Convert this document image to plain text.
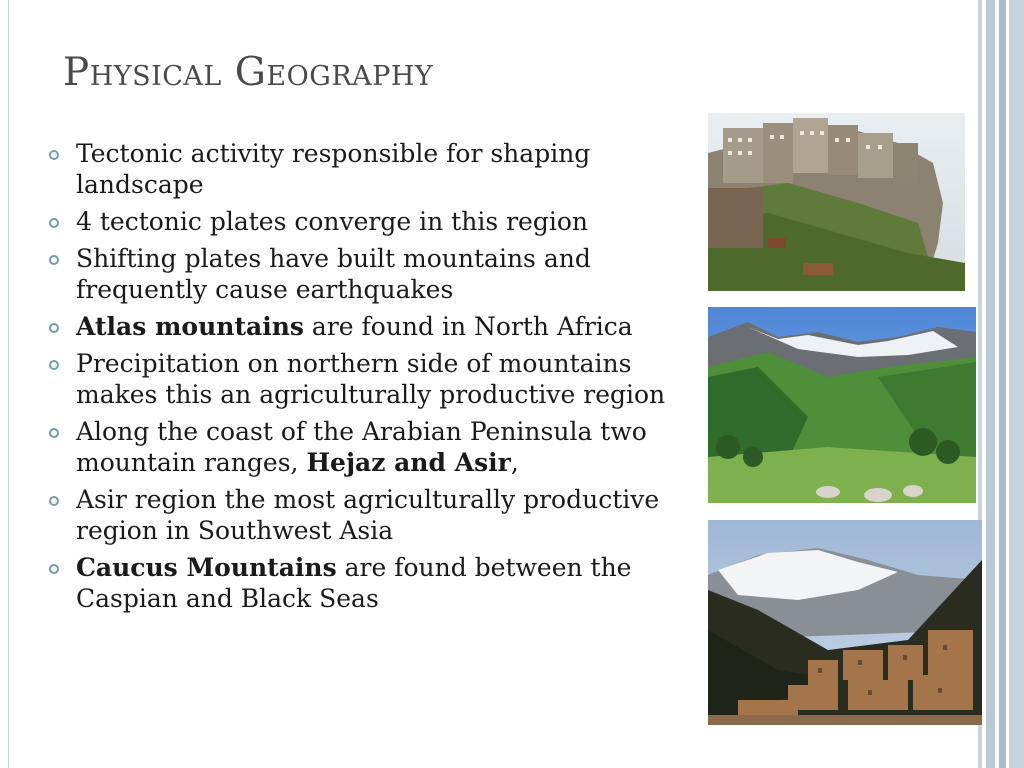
Physical Geography
Tectonic activity responsible for shaping landscape
4 tectonic plates converge in this region
Shifting plates have built mountains and frequently cause earthquakes
Atlas mountains are found in North Africa
Precipitation on northern side of mountains makes this an agriculturally productive region
Along the coast of the Arabian Peninsula two mountain ranges, Hejaz and Asir,
Asir region the most agriculturally productive region in Southwest Asia
Caucus Mountains are found between the Caspian and Black Seas
